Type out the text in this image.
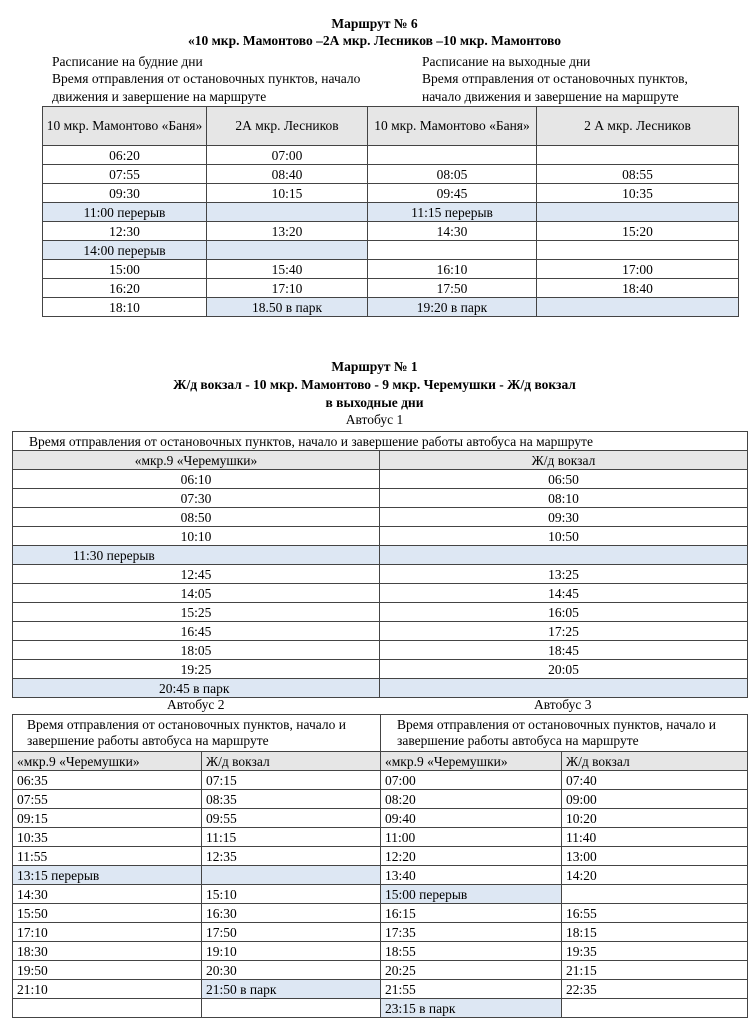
Маршрут № 6
«10 мкр. Мамонтово –2А мкр. Лесников –10 мкр. Мамонтово
Расписание на будние дни
Время отправления от остановочных пунктов, начало
движения и завершение на маршруте
Расписание на выходные дни
Время отправления от остановочных пунктов,
начало движения и завершение на маршруте
10 мкр. Мамонтово «Баня»	2А мкр. Лесников	10 мкр. Мамонтово «Баня»	2 А мкр. Лесников
06:20	07:00		
07:55	08:40	08:05	08:55
09:30	10:15	09:45	10:35
11:00 перерыв		11:15 перерыв	
12:30	13:20	14:30	15:20
14:00 перерыв			
15:00	15:40	16:10	17:00
16:20	17:10	17:50	18:40
18:10	18.50 в парк	19:20 в парк	
Маршрут № 1
Ж/д вокзал - 10 мкр. Мамонтово - 9 мкр. Черемушки - Ж/д вокзал
в выходные дни
Автобус 1
Время отправления от остановочных пунктов, начало и завершение работы автобуса на маршруте	
«мкр.9 «Черемушки»	Ж/д вокзал
06:10	06:50
07:30	08:10
08:50	09:30
10:10	10:50
11:30 перерыв	
12:45	13:25
14:05	14:45
15:25	16:05
16:45	17:25
18:05	18:45
19:25	20:05
20:45 в парк	
Автобус 2	Автобус 3
Время отправления от остановочных пунктов, начало и завершение работы автобуса на маршруте		Время отправления от остановочных пунктов, начало и завершение работы автобуса на маршруте	
«мкр.9 «Черемушки»	Ж/д вокзал	«мкр.9 «Черемушки»	Ж/д вокзал
06:35	07:15	07:00	07:40
07:55	08:35	08:20	09:00
09:15	09:55	09:40	10:20
10:35	11:15	11:00	11:40
11:55	12:35	12:20	13:00
13:15 перерыв		13:40	14:20
14:30	15:10	15:00 перерыв	
15:50	16:30	16:15	16:55
17:10	17:50	17:35	18:15
18:30	19:10	18:55	19:35
19:50	20:30	20:25	21:15
21:10	21:50 в парк	21:55	22:35
		23:15 в парк	
